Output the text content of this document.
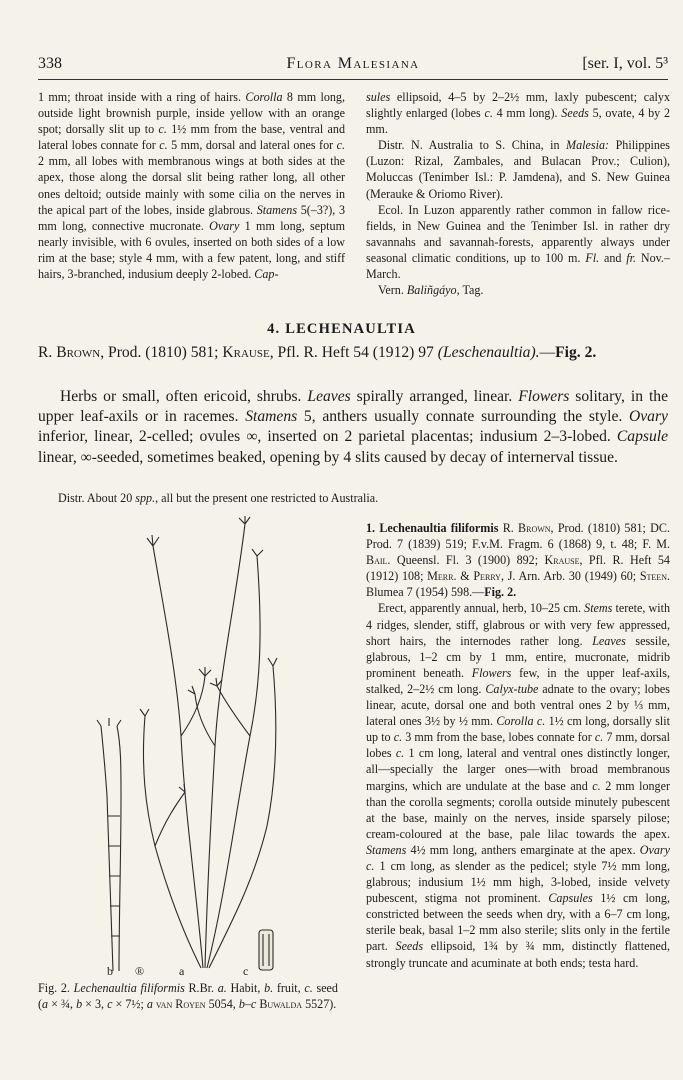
338	Flora Malesiana	[ser. I, vol. 5³

1 mm; throat inside with a ring of hairs. Corolla 8 mm long, outside light brownish purple, inside yellow with an orange spot; dorsally slit up to c. 1½ mm from the base, ventral and lateral lobes connate for c. 5 mm, dorsal and lateral ones for c. 2 mm, all lobes with membranous wings at both sides at the apex, those along the dorsal slit being rather long, all other ones deltoid; outside mainly with some cilia on the nerves in the apical part of the lobes, inside glabrous. Stamens 5(–3?), 3 mm long, connective mucronate. Ovary 1 mm long, septum nearly invisible, with 6 ovules, inserted on both sides of a low rim at the base; style 4 mm, with a few patent, long, and stiff hairs, 3-branched, indusium deeply 2-lobed. Cap-

sules ellipsoid, 4–5 by 2–2½ mm, laxly pubescent; calyx slightly enlarged (lobes c. 4 mm long). Seeds 5, ovate, 4 by 2 mm.

Distr. N. Australia to S. China, in Malesia: Philippines (Luzon: Rizal, Zambales, and Bulacan Prov.; Culion), Moluccas (Tenimber Isl.: P. Jamdena), and S. New Guinea (Merauke & Oriomo River).

Ecol. In Luzon apparently rather common in fallow rice-fields, in New Guinea and the Tenimber Isl. in rather dry savannahs and savannah-forests, apparently always under seasonal climatic conditions, up to 100 m. Fl. and fr. Nov.–March.

Vern. Baliñgáyo, Tag.

4. LECHENAULTIA
R. Brown, Prod. (1810) 581; Krause, Pfl. R. Heft 54 (1912) 97 (Leschenaultia).—Fig. 2.
Herbs or small, often ericoid, shrubs. Leaves spirally arranged, linear. Flowers solitary, in the upper leaf-axils or in racemes. Stamens 5, anthers usually connate surrounding the style. Ovary inferior, linear, 2-celled; ovules ∞, inserted on 2 parietal placentas; indusium 2–3-lobed. Capsule linear, ∞-seeded, sometimes beaked, opening by 4 slits caused by decay of internerval tissue.
Distr. About 20 spp., all but the present one restricted to Australia.
b ®	a	c
Fig. 2. Lechenaultia filiformis R.Br. a. Habit, b. fruit, c. seed (a × ¾, b × 3, c × 7½; a van Royen 5054, b–c Buwalda 5527).

1. Lechenaultia filiformis R. Brown, Prod. (1810) 581; DC. Prod. 7 (1839) 519; F.v.M. Fragm. 6 (1868) 9, t. 48; F. M. Bail. Queensl. Fl. 3 (1900) 892; Krause, Pfl. R. Heft 54 (1912) 108; Merr. & Perry, J. Arn. Arb. 30 (1949) 60; Steen. Blumea 7 (1954) 598.—Fig. 2.

Erect, apparently annual, herb, 10–25 cm. Stems terete, with 4 ridges, slender, stiff, glabrous or with very few appressed, short hairs, the internodes rather long. Leaves sessile, glabrous, 1–2 cm by 1 mm, entire, mucronate, midrib prominent beneath. Flowers few, in the upper leaf-axils, stalked, 2–2½ cm long. Calyx-tube adnate to the ovary; lobes linear, acute, dorsal one and both ventral ones 2 by ⅓ mm, lateral ones 3½ by ½ mm. Corolla c. 1½ cm long, dorsally slit up to c. 3 mm from the base, lobes connate for c. 7 mm, dorsal lobes c. 1 cm long, lateral and ventral ones distinctly longer, all—specially the larger ones—with broad membranous margins, which are undulate at the base and c. 2 mm longer than the corolla segments; corolla outside minutely pubescent at the base, mainly on the nerves, inside sparsely pilose; cream-coloured at the base, pale lilac towards the apex. Stamens 4½ mm long, anthers emarginate at the apex. Ovary c. 1 cm long, as slender as the pedicel; style 7½ mm long, glabrous; indusium 1½ mm high, 3-lobed, inside velvety pubescent, stigma not prominent. Capsules 1½ cm long, constricted between the seeds when dry, with a 6–7 cm long, sterile beak, basal 1–2 mm also sterile; slits only in the fertile part. Seeds ellipsoid, 1¾ by ¾ mm, distinctly flattened, strongly truncate and acuminate at both ends; testa hard.
